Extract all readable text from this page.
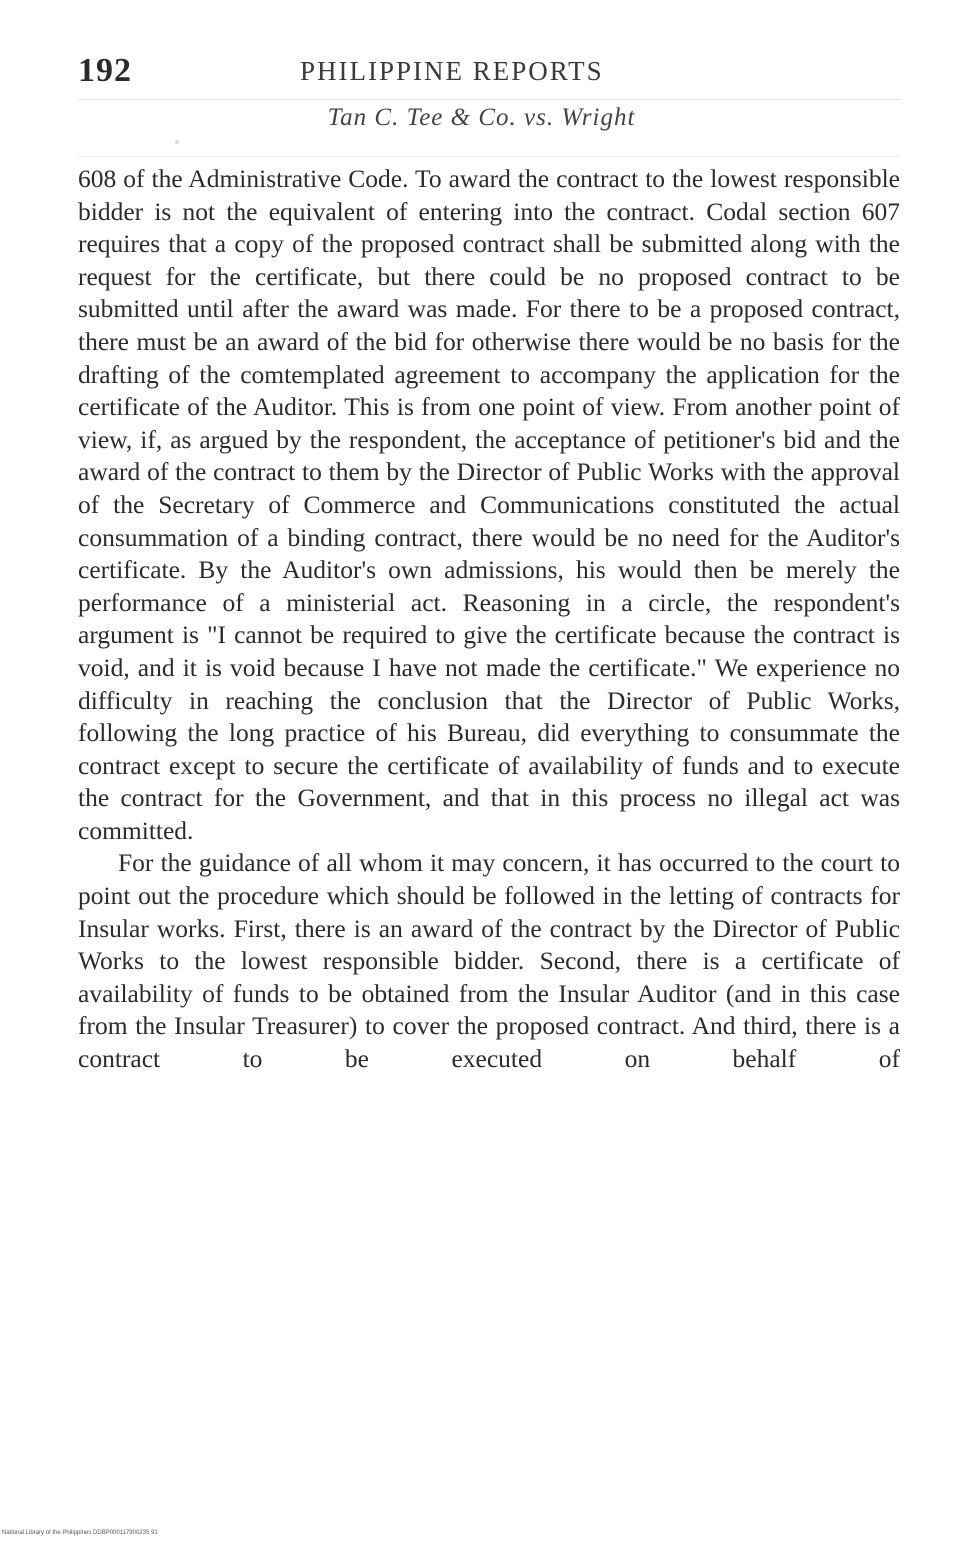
192	PHILIPPINE REPORTS
Tan C. Tee & Co. vs. Wright

608 of the Administrative Code. To award the contract to the lowest responsible bidder is not the equivalent of entering into the contract. Codal section 607 requires that a copy of the proposed contract shall be submitted along with the request for the certificate, but there could be no proposed contract to be submitted until after the award was made. For there to be a proposed contract, there must be an award of the bid for otherwise there would be no basis for the drafting of the comtemplated agreement to accompany the application for the certificate of the Auditor. This is from one point of view. From another point of view, if, as argued by the respondent, the acceptance of petitioner's bid and the award of the contract to them by the Director of Public Works with the approval of the Secretary of Commerce and Communications constituted the actual consummation of a binding contract, there would be no need for the Auditor's certificate. By the Auditor's own admissions, his would then be merely the performance of a ministerial act. Reasoning in a circle, the respondent's argument is "I cannot be required to give the certificate because the contract is void, and it is void because I have not made the certificate." We experience no difficulty in reaching the conclusion that the Director of Public Works, following the long practice of his Bureau, did everything to consummate the contract except to secure the certificate of availability of funds and to execute the contract for the Government, and that in this process no illegal act was committed.

For the guidance of all whom it may concern, it has occurred to the court to point out the procedure which should be followed in the letting of contracts for Insular works. First, there is an award of the contract by the Director of Public Works to the lowest responsible bidder. Second, there is a certificate of availability of funds to be obtained from the Insular Auditor (and in this case from the Insular Treasurer) to cover the proposed contract. And third, there is a contract to be executed on behalf of

National Library of the Philippines DDBP000117900235 91
